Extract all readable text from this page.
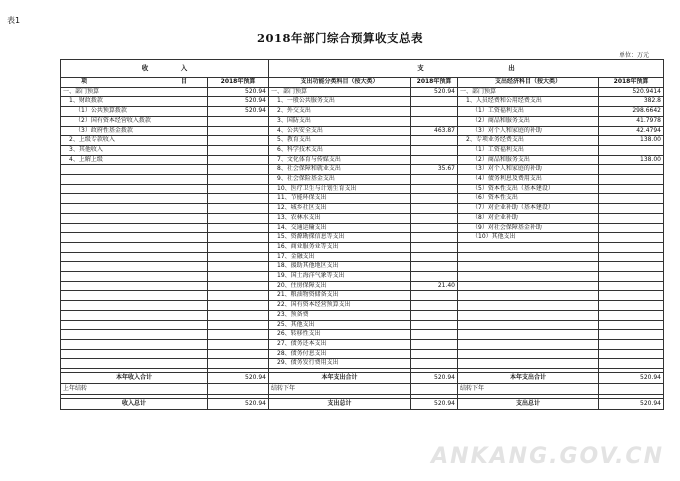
表1
2018年部门综合预算收支总表
单位：万元
收　　　　　入		支　　　　　　　　　　　　　出			

项 目	2018年预算	支出功能分类科目（按大类）	2018年预算	支出经济科目（按大类）	2018年预算
一、部门预算	520.94	一、部门预算	520.94	一、部门预算	520.9414
1、财政拨款	520.94	1、一般公共服务支出		1、人员经费和公用经费支出	382.8
（1）公共预算拨款	520.94	2、外交支出		（1）工资福利支出	298.6642
（2）国有资本经营收入拨款		3、国防支出		（2）商品和服务支出	41.7978
（3）政府性基金拨款		4、公共安全支出	463.87	（3）对个人和家庭的补助	42.4794
2、上级专款收入		5、教育支出		2、专项业务经费支出	138.00
3、其他收入		6、科学技术支出		（1）工资福利支出	
4、上解上级		7、文化体育与传媒支出		（2）商品和服务支出	138.00
		8、社会保障和就业支出	35.67	（3）对个人和家庭的补助	
		9、社会保险基金支出		（4）债务利息及费用支出	
		10、医疗卫生与计划生育支出		（5）资本性支出（基本建设）	
		11、节能环保支出		（6）资本性支出	
		12、城乡社区支出		（7）对企业补助（基本建设）	
		13、农林水支出		（8）对企业补助	
		14、交通运输支出		（9）对社会保障基金补助	
		15、资源勘探信息等支出		（10）其他支出	
		16、商业服务业等支出			
		17、金融支出			
		18、援助其他地区支出			
		19、国土海洋气象等支出			
		20、住房保障支出	21.40		
		21、粮油物资储备支出			
		22、国有资本经营预算支出			
		23、预备费			
		25、其他支出			
		26、转移性支出			
		27、债务还本支出			
		28、债务付息支出			
		29、债务发行费用支出			

本年收入合计	520.94	本年支出合计	520.94	本年支出合计	520.94
上年结转		结转下年		结转下年	

收入总计	520.94	支出总计	520.94	支出总计	520.94
ANKANG.GOV.CN
